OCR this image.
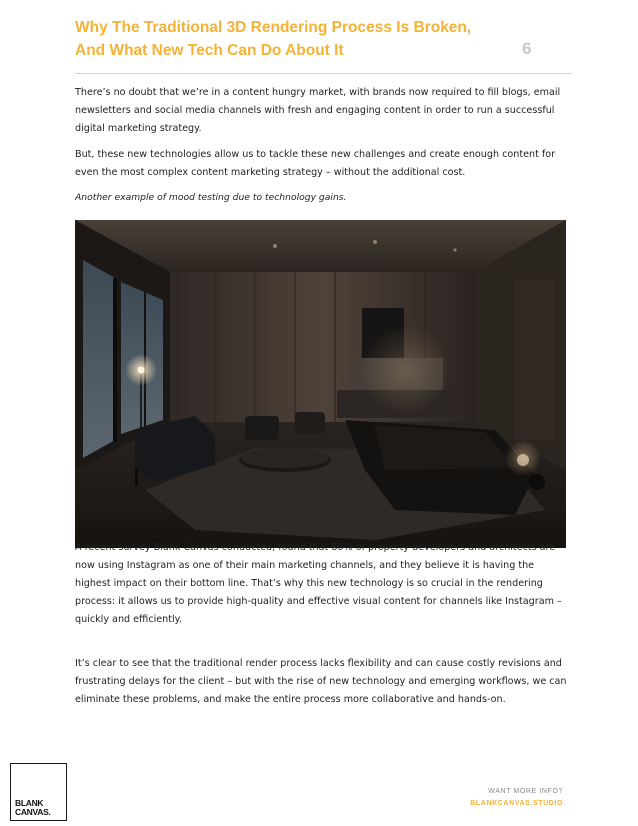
Why The Traditional 3D Rendering Process Is Broken, And What New Tech Can Do About It	6

There’s no doubt that we’re in a content hungry market, with brands now required to fill blogs, email newsletters and social media channels with fresh and engaging content in order to run a successful digital marketing strategy.

But, these new technologies allow us to tackle these new challenges and create enough content for even the most complex content marketing strategy – without the additional cost.

Another example of mood testing due to technology gains.

A recent survey Blank Canvas conducted, found that 80% of property developers and architects are now using Instagram as one of their main marketing channels, and they believe it is having the highest impact on their bottom line. That’s why this new technology is so crucial in the rendering process: it allows us to provide high-quality and effective visual content for channels like Instagram – quickly and efficiently.

It’s clear to see that the traditional render process lacks flexibility and can cause costly revisions and frustrating delays for the client – but with the rise of new technology and emerging workflows, we can eliminate these problems, and make the entire process more collaborative and hands-on.

BLANK
CANVAS.
WANT MORE INFO?
BLANKCANVAS.STUDIO
